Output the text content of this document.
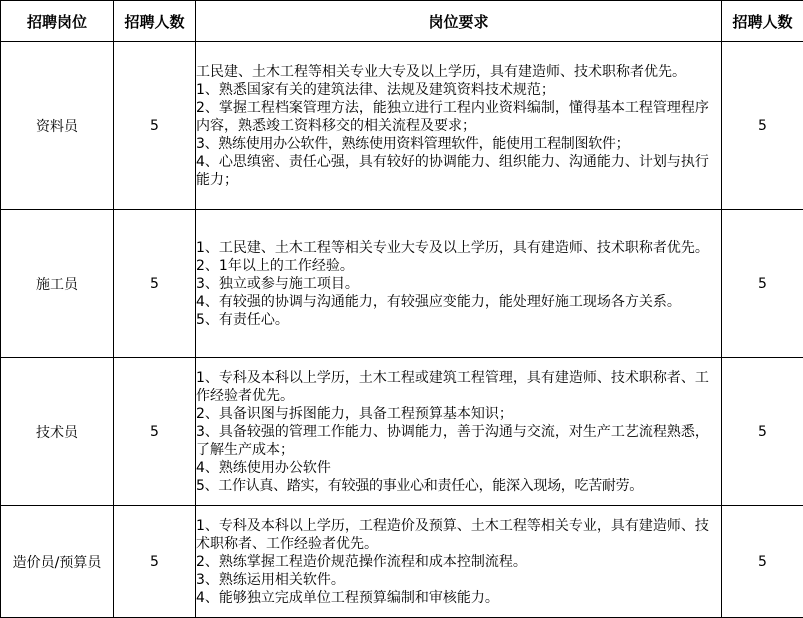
招聘岗位	招聘人数	岗位要求	招聘人数
资料员	5	工民建、土木工程等相关专业大专及以上学历，具有建造师、技术职称者优先。
1、熟悉国家有关的建筑法律、法规及建筑资料技术规范；
2、掌握工程档案管理方法，能独立进行工程内业资料编制，懂得基本工程管理程序内容，熟悉竣工资料移交的相关流程及要求；
3、熟练使用办公软件，熟练使用资料管理软件，能使用工程制图软件；
4、心思缜密、责任心强，具有较好的协调能力、组织能力、沟通能力、计划与执行能力；	5
施工员	5	1、工民建、土木工程等相关专业大专及以上学历，具有建造师、技术职称者优先。
2、1年以上的工作经验。
3、独立或参与施工项目。
4、有较强的协调与沟通能力，有较强应变能力，能处理好施工现场各方关系。
5、有责任心。	5
技术员	5	1、专科及本科以上学历，土木工程或建筑工程管理，具有建造师、技术职称者、工作经验者优先。
2、具备识图与拆图能力，具备工程预算基本知识；
3、具备较强的管理工作能力、协调能力，善于沟通与交流，对生产工艺流程熟悉，了解生产成本；
4、熟练使用办公软件
5、工作认真、踏实，有较强的事业心和责任心，能深入现场，吃苦耐劳。	5
造价员/预算员	5	1、专科及本科以上学历，工程造价及预算、土木工程等相关专业，具有建造师、技术职称者、工作经验者优先。
2、熟练掌握工程造价规范操作流程和成本控制流程。
3、熟练运用相关软件。
4、能够独立完成单位工程预算编制和审核能力。	5
